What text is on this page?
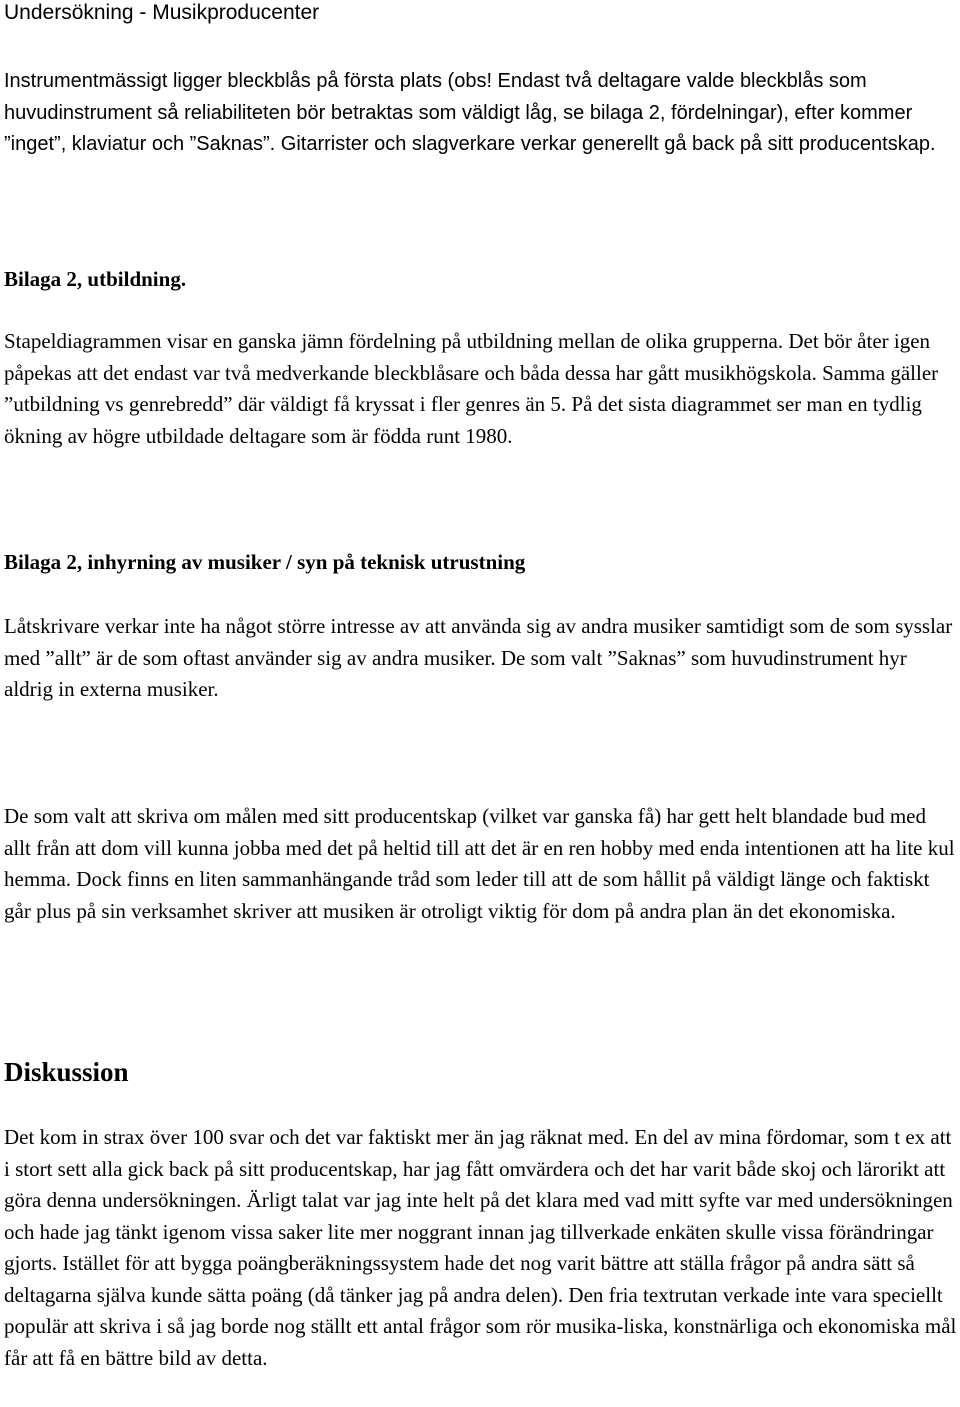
Undersökning - Musikproducenter

Instrumentmässigt ligger bleckblås på första plats (obs! Endast två deltagare valde bleckblås som huvudinstrument så reliabiliteten bör betraktas som väldigt låg, se bilaga 2, fördelningar), efter kommer ”inget”, klaviatur och ”Saknas”. Gitarrister och slagverkare verkar generellt gå back på sitt producentskap.

Bilaga 2, utbildning.

Stapeldiagrammen visar en ganska jämn fördelning på utbildning mellan de olika grupperna. Det bör åter igen påpekas att det endast var två medverkande bleckblåsare och båda dessa har gått musikhögskola. Samma gäller ”utbildning vs genrebredd” där väldigt få kryssat i fler genres än 5. På det sista diagrammet ser man en tydlig ökning av högre utbildade deltagare som är födda runt 1980.

Bilaga 2, inhyrning av musiker / syn på teknisk utrustning

Låtskrivare verkar inte ha något större intresse av att använda sig av andra musiker samtidigt som de som sysslar med ”allt” är de som oftast använder sig av andra musiker. De som valt ”Saknas” som huvudinstrument hyr aldrig in externa musiker.

De som valt att skriva om målen med sitt producentskap (vilket var ganska få) har gett helt blandade bud med allt från att dom vill kunna jobba med det på heltid till att det är en ren hobby med enda intentionen att ha lite kul hemma. Dock finns en liten sammanhängande tråd som leder till att de som hållit på väldigt länge och faktiskt går plus på sin verksamhet skriver att musiken är otroligt viktig för dom på andra plan än det ekonomiska.

Diskussion

Det kom in strax över 100 svar och det var faktiskt mer än jag räknat med. En del av mina fördomar, som t ex att i stort sett alla gick back på sitt producentskap, har jag fått omvärdera och det har varit både skoj och lärorikt att göra denna undersökningen. Ärligt talat var jag inte helt på det klara med vad mitt syfte var med undersökningen och hade jag tänkt igenom vissa saker lite mer noggrant innan jag tillverkade enkäten skulle vissa förändringar gjorts. Istället för att bygga poängberäkningssystem hade det nog varit bättre att ställa frågor på andra sätt så deltagarna själva kunde sätta poäng (då tänker jag på andra delen). Den fria textrutan verkade inte vara speciellt populär att skriva i så jag borde nog ställt ett antal frågor som rör musika-liska, konstnärliga och ekonomiska mål får att få en bättre bild av detta.
